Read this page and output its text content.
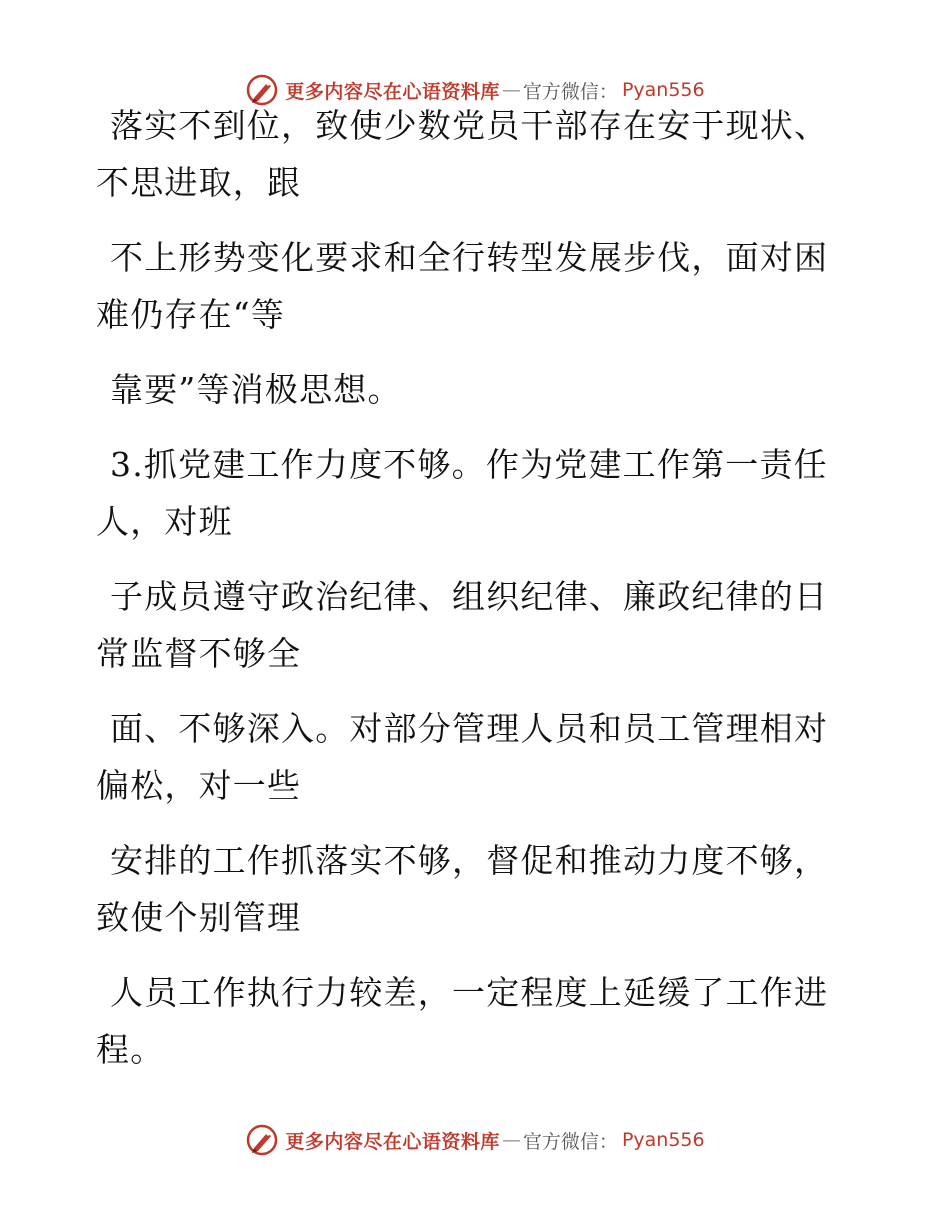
更多内容尽在心语资料库 — 官方微信： Pyan556

落实不到位，致使少数党员干部存在安于现状、
不思进取，跟

不上形势变化要求和全行转型发展步伐，面对困
难仍存在“等

靠要”等消极思想。

3.抓党建工作力度不够。作为党建工作第一责任
人，对班

子成员遵守政治纪律、组织纪律、廉政纪律的日
常监督不够全

面、不够深入。对部分管理人员和员工管理相对
偏松，对一些

安排的工作抓落实不够，督促和推动力度不够，
致使个别管理

人员工作执行力较差，一定程度上延缓了工作进
程。

更多内容尽在心语资料库 — 官方微信： Pyan556
